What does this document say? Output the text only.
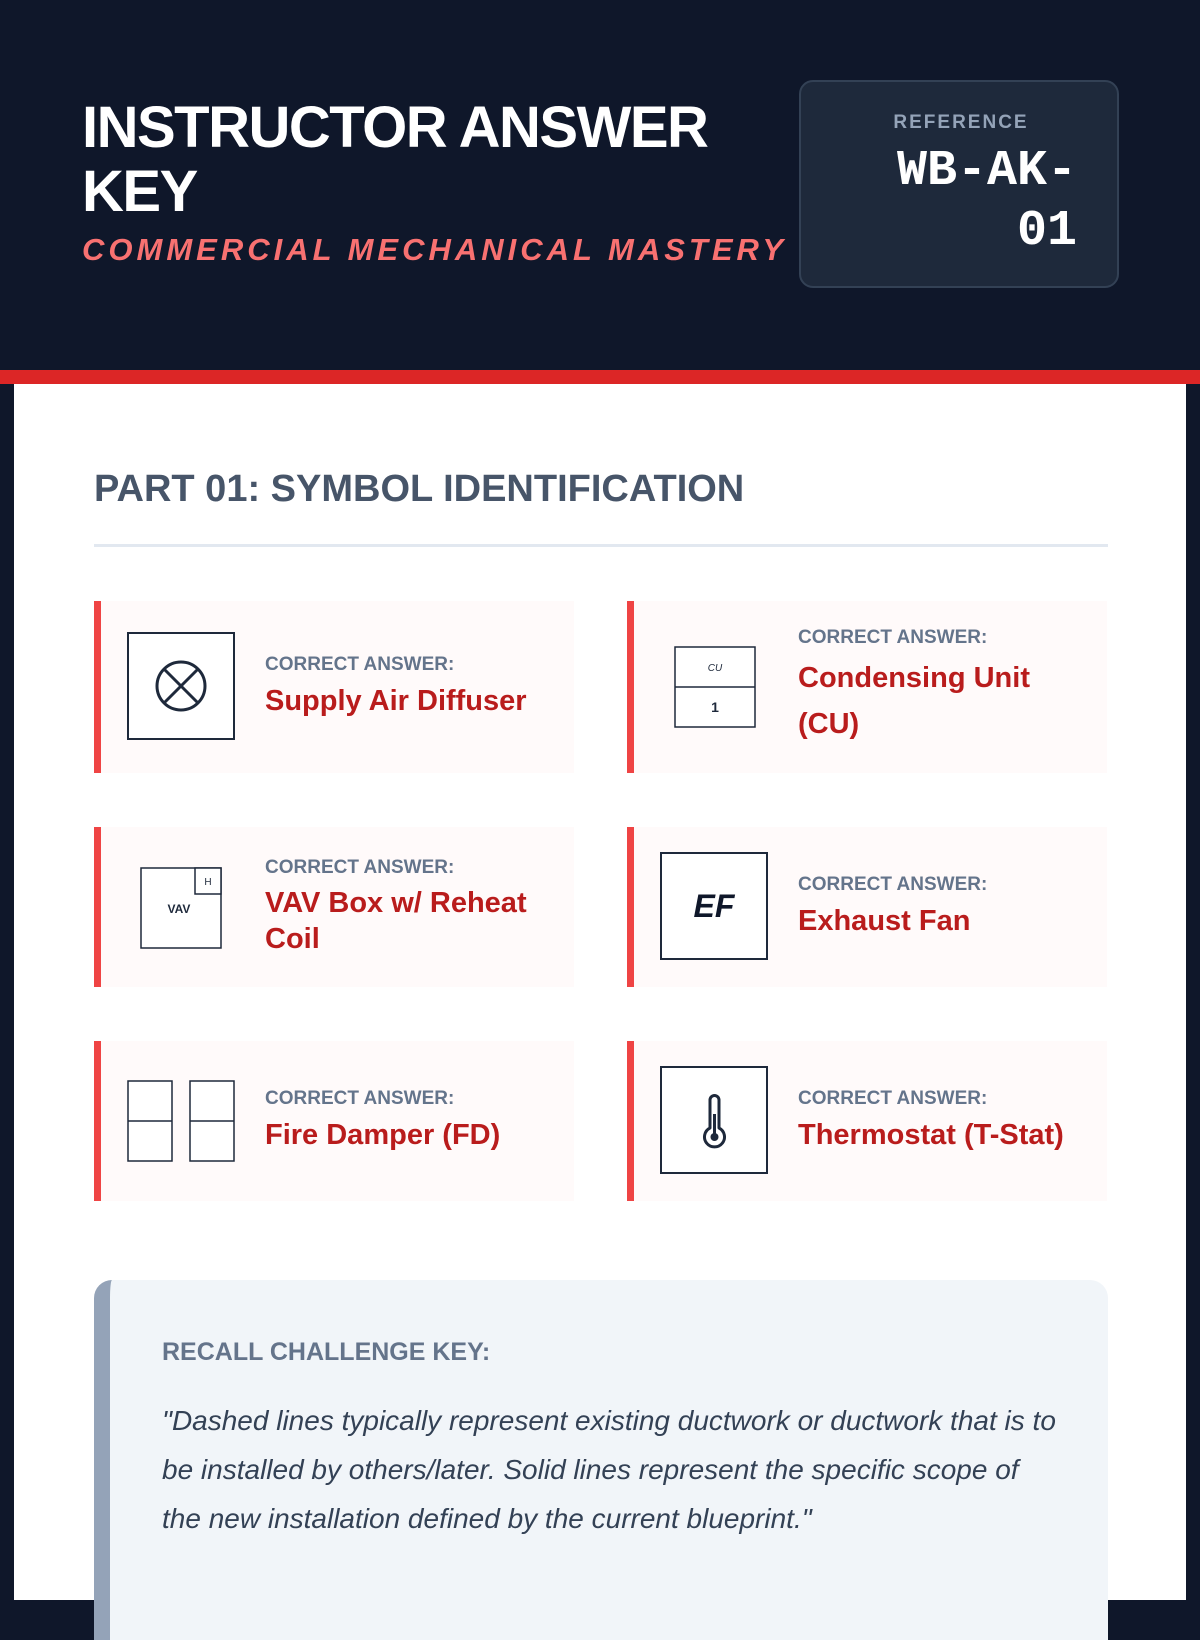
INSTRUCTOR ANSWER KEY
COMMERCIAL MECHANICAL MASTERY
REFERENCE
WB-AK-01
PART 01: SYMBOL IDENTIFICATION
CORRECT ANSWER:
Supply Air Diffuser
CU
1
CORRECT ANSWER:
Condensing Unit (CU)
H
VAV
CORRECT ANSWER:
VAV Box w/ Reheat Coil
EF
CORRECT ANSWER:
Exhaust Fan
CORRECT ANSWER:
Fire Damper (FD)
CORRECT ANSWER:
Thermostat (T-Stat)
RECALL CHALLENGE KEY:

"Dashed lines typically represent existing ductwork or ductwork that is to be installed by others/later. Solid lines represent the specific scope of the new installation defined by the current blueprint."
